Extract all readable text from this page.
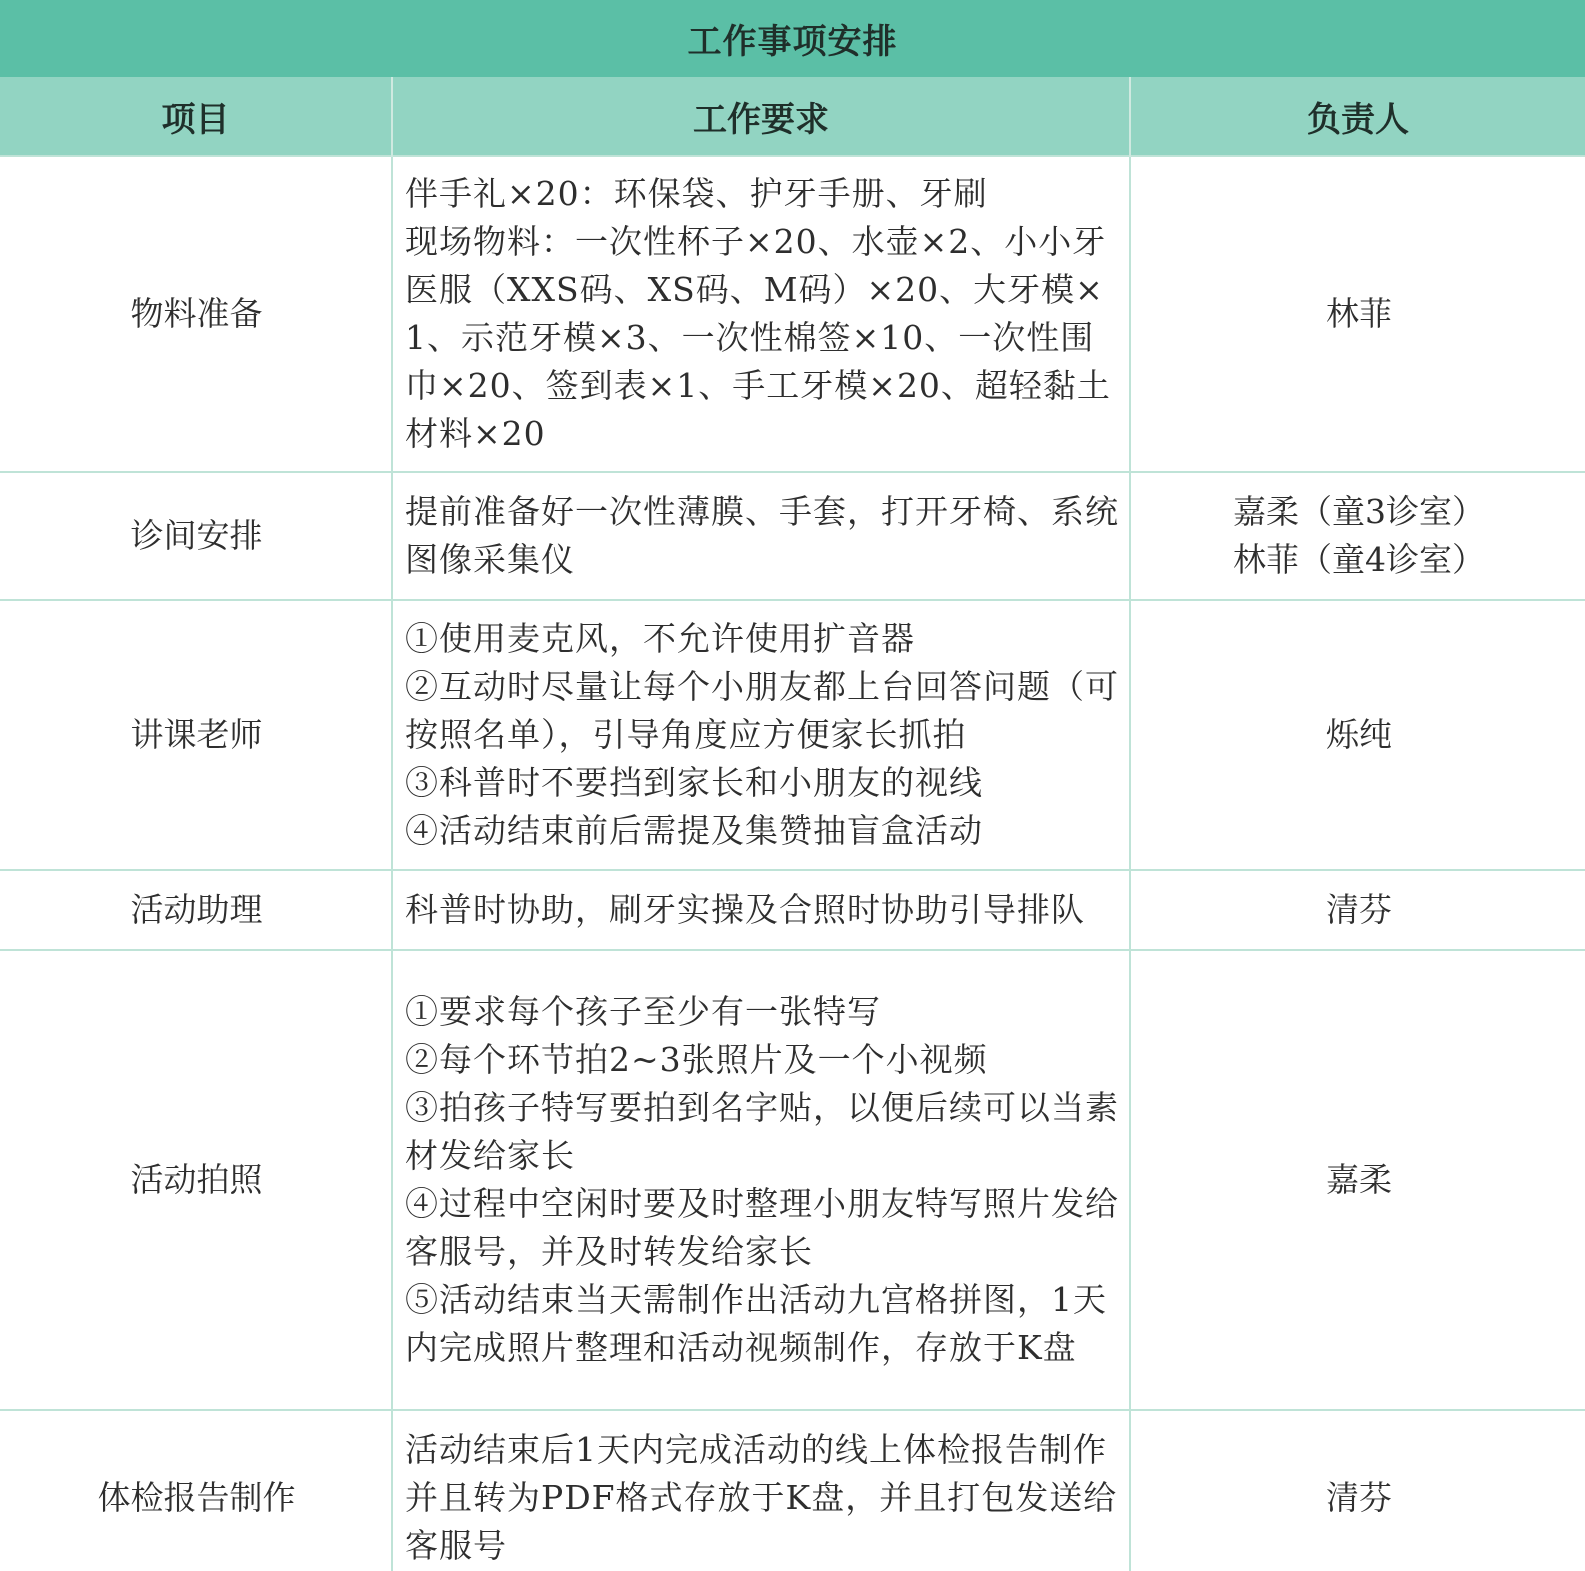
工作事项安排
项目	工作要求	负责人
物料准备	伴手礼×20：环保袋、护牙手册、牙刷
现场物料：一次性杯子×20、水壶×2、小小牙医服（XXS码、XS码、M码）×20、大牙模×1、示范牙模×3、一次性棉签×10、一次性围巾×20、签到表×1、手工牙模×20、超轻黏土材料×20	林菲
诊间安排	提前准备好一次性薄膜、手套，打开牙椅、系统图像采集仪	嘉柔（童3诊室）
林菲（童4诊室）
讲课老师	①使用麦克风，不允许使用扩音器
②互动时尽量让每个小朋友都上台回答问题（可按照名单），引导角度应方便家长抓拍
③科普时不要挡到家长和小朋友的视线
④活动结束前后需提及集赞抽盲盒活动	烁纯
活动助理	科普时协助，刷牙实操及合照时协助引导排队	清芬
活动拍照	①要求每个孩子至少有一张特写
②每个环节拍2~3张照片及一个小视频
③拍孩子特写要拍到名字贴，以便后续可以当素材发给家长
④过程中空闲时要及时整理小朋友特写照片发给客服号，并及时转发给家长
⑤活动结束当天需制作出活动九宫格拼图，1天内完成照片整理和活动视频制作，存放于K盘	嘉柔
体检报告制作	活动结束后1天内完成活动的线上体检报告制作并且转为PDF格式存放于K盘，并且打包发送给客服号	清芬
